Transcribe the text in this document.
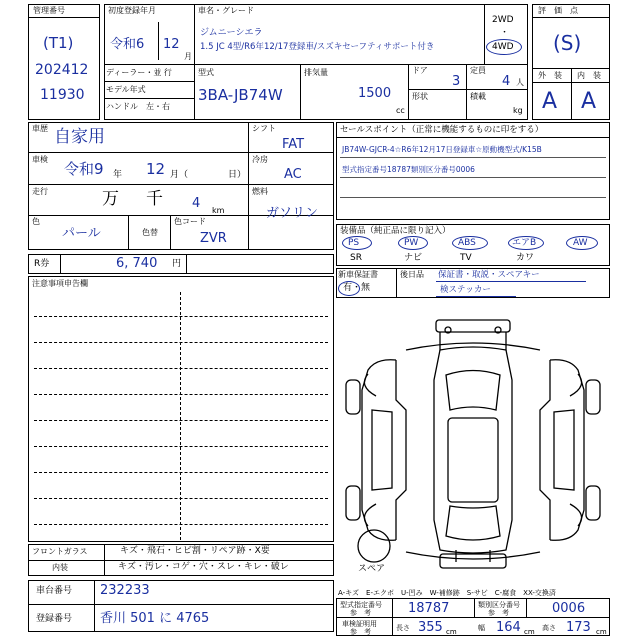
管理番号
(T1)
202412
11930
初度登録年月
令和6 12
月
車名・グレード
ジムニーシエラ
1.5 JC 4型/R6年12/17登録車/スズキセーフティサポート付き
2WD
・
4WD
ディーラー・並 行
モデル年式
ハンドル　左・右
型式
3BA-JB74W
排気量
1500
cc
ドア
3
定員
4 人
形状	積載
kg
評　価　点
(S)
外　装 内　装
A A
車歴 自家用
車検
令和9 年 12 月（	日）
走行	万 千 4 km
色
パール	色替
色コード
ZVR
シフト
FAT
冷房
AC
燃料
ガソリン
R券	6, 740 円
注意事項申告欄
フロントガラス	キズ・飛石・ヒビ割・リペア跡・X要
内装	キズ・汚レ・コゲ・穴・スレ・キレ・破レ
車台番号 232233
登録番号 香川 501 に 4765
セールスポイント（正常に機能するものに印をする）
JB74W-GJCR-4☆R6年12月17日登録車☆原動機型式/K15B
型式指定番号18787類別区分番号0006
装備品（純正品に限り記入）
PS	PW	ABS	エアB	AW
SR	ナビ	TV	カワ
新車保証書
有・無
後日品 保証書・取説・スペアキー
検ステッカー
スペア
A-キズ　E-エクボ　U-凹み　W-補修跡　S-サビ　C-腐食　XX-交換済
型式指定番号
参　考	18787	類別区分番号
参　考	0006
車検証明用
参　考	長さ 355 cm	幅 164 cm 高さ 173 cm
